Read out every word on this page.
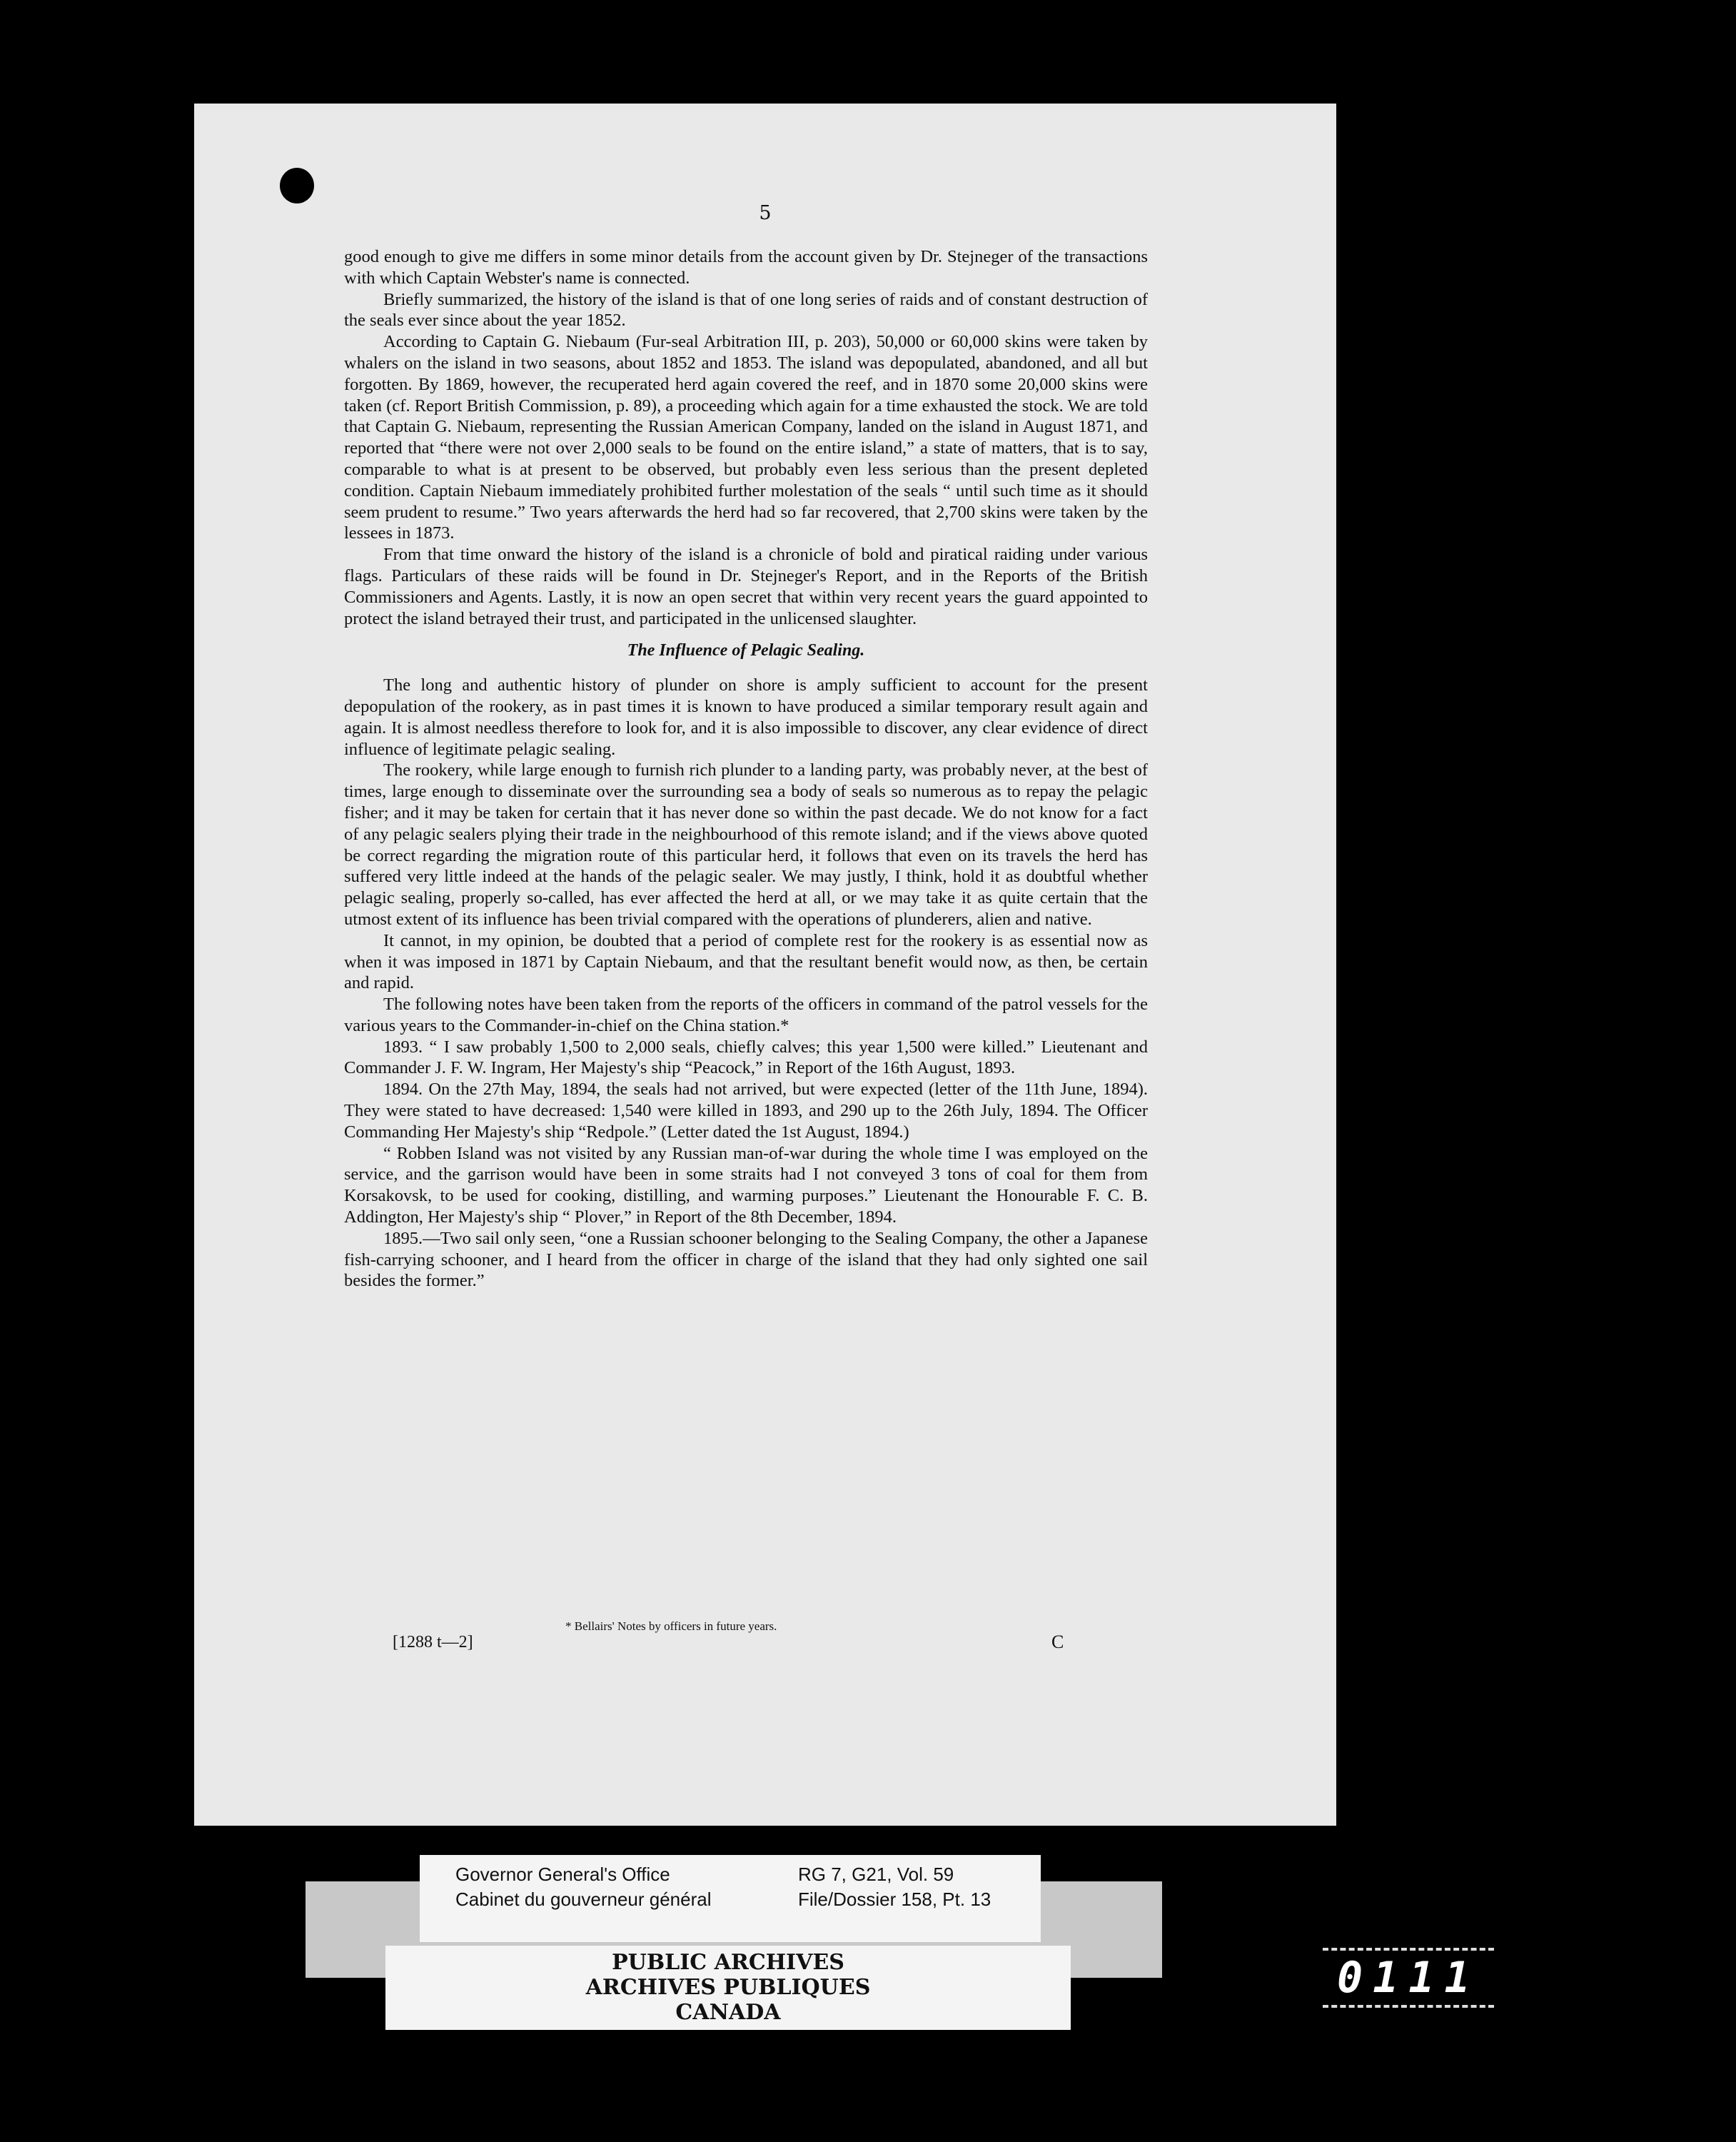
5

good enough to give me differs in some minor details from the account given by Dr. Stejneger of the transactions with which Captain Webster's name is connected.

Briefly summarized, the history of the island is that of one long series of raids and of constant destruction of the seals ever since about the year 1852.

According to Captain G. Niebaum (Fur-seal Arbitration III, p. 203), 50,000 or 60,000 skins were taken by whalers on the island in two seasons, about 1852 and 1853. The island was depopulated, abandoned, and all but forgotten. By 1869, however, the recuperated herd again covered the reef, and in 1870 some 20,000 skins were taken (cf. Report British Commission, p. 89), a proceeding which again for a time exhausted the stock. We are told that Captain G. Niebaum, representing the Russian American Company, landed on the island in August 1871, and reported that “there were not over 2,000 seals to be found on the entire island,” a state of matters, that is to say, comparable to what is at present to be observed, but probably even less serious than the present depleted condition. Captain Niebaum immediately prohibited further molestation of the seals “ until such time as it should seem prudent to resume.” Two years afterwards the herd had so far recovered, that 2,700 skins were taken by the lessees in 1873.

From that time onward the history of the island is a chronicle of bold and piratical raiding under various flags. Particulars of these raids will be found in Dr. Stejneger's Report, and in the Reports of the British Commissioners and Agents. Lastly, it is now an open secret that within very recent years the guard appointed to protect the island betrayed their trust, and participated in the unlicensed slaughter.

The Influence of Pelagic Sealing.

The long and authentic history of plunder on shore is amply sufficient to account for the present depopulation of the rookery, as in past times it is known to have produced a similar temporary result again and again. It is almost needless therefore to look for, and it is also impossible to discover, any clear evidence of direct influence of legitimate pelagic sealing.

The rookery, while large enough to furnish rich plunder to a landing party, was probably never, at the best of times, large enough to disseminate over the surrounding sea a body of seals so numerous as to repay the pelagic fisher; and it may be taken for certain that it has never done so within the past decade. We do not know for a fact of any pelagic sealers plying their trade in the neighbourhood of this remote island; and if the views above quoted be correct regarding the migration route of this particular herd, it follows that even on its travels the herd has suffered very little indeed at the hands of the pelagic sealer. We may justly, I think, hold it as doubtful whether pelagic sealing, properly so-called, has ever affected the herd at all, or we may take it as quite certain that the utmost extent of its influence has been trivial compared with the operations of plunderers, alien and native.

It cannot, in my opinion, be doubted that a period of complete rest for the rookery is as essential now as when it was imposed in 1871 by Captain Niebaum, and that the resultant benefit would now, as then, be certain and rapid.

The following notes have been taken from the reports of the officers in command of the patrol vessels for the various years to the Commander-in-chief on the China station.*

1893. “ I saw probably 1,500 to 2,000 seals, chiefly calves; this year 1,500 were killed.” Lieutenant and Commander J. F. W. Ingram, Her Majesty's ship “Peacock,” in Report of the 16th August, 1893.

1894. On the 27th May, 1894, the seals had not arrived, but were expected (letter of the 11th June, 1894). They were stated to have decreased: 1,540 were killed in 1893, and 290 up to the 26th July, 1894. The Officer Commanding Her Majesty's ship “Redpole.” (Letter dated the 1st August, 1894.)

“ Robben Island was not visited by any Russian man-of-war during the whole time I was employed on the service, and the garrison would have been in some straits had I not conveyed 3 tons of coal for them from Korsakovsk, to be used for cooking, distilling, and warming purposes.” Lieutenant the Honourable F. C. B. Addington, Her Majesty's ship “ Plover,” in Report of the 8th December, 1894.

1895.—Two sail only seen, “one a Russian schooner belonging to the Sealing Company, the other a Japanese fish-carrying schooner, and I heard from the officer in charge of the island that they had only sighted one sail besides the former.”

* Bellairs' Notes by officers in future years.
[1288 t—2]	C
Governor General's Office
Cabinet du gouverneur général
RG 7, G21, Vol. 59
File/Dossier 158, Pt. 13
PUBLIC ARCHIVES
ARCHIVES PUBLIQUES
CANADA
0111
